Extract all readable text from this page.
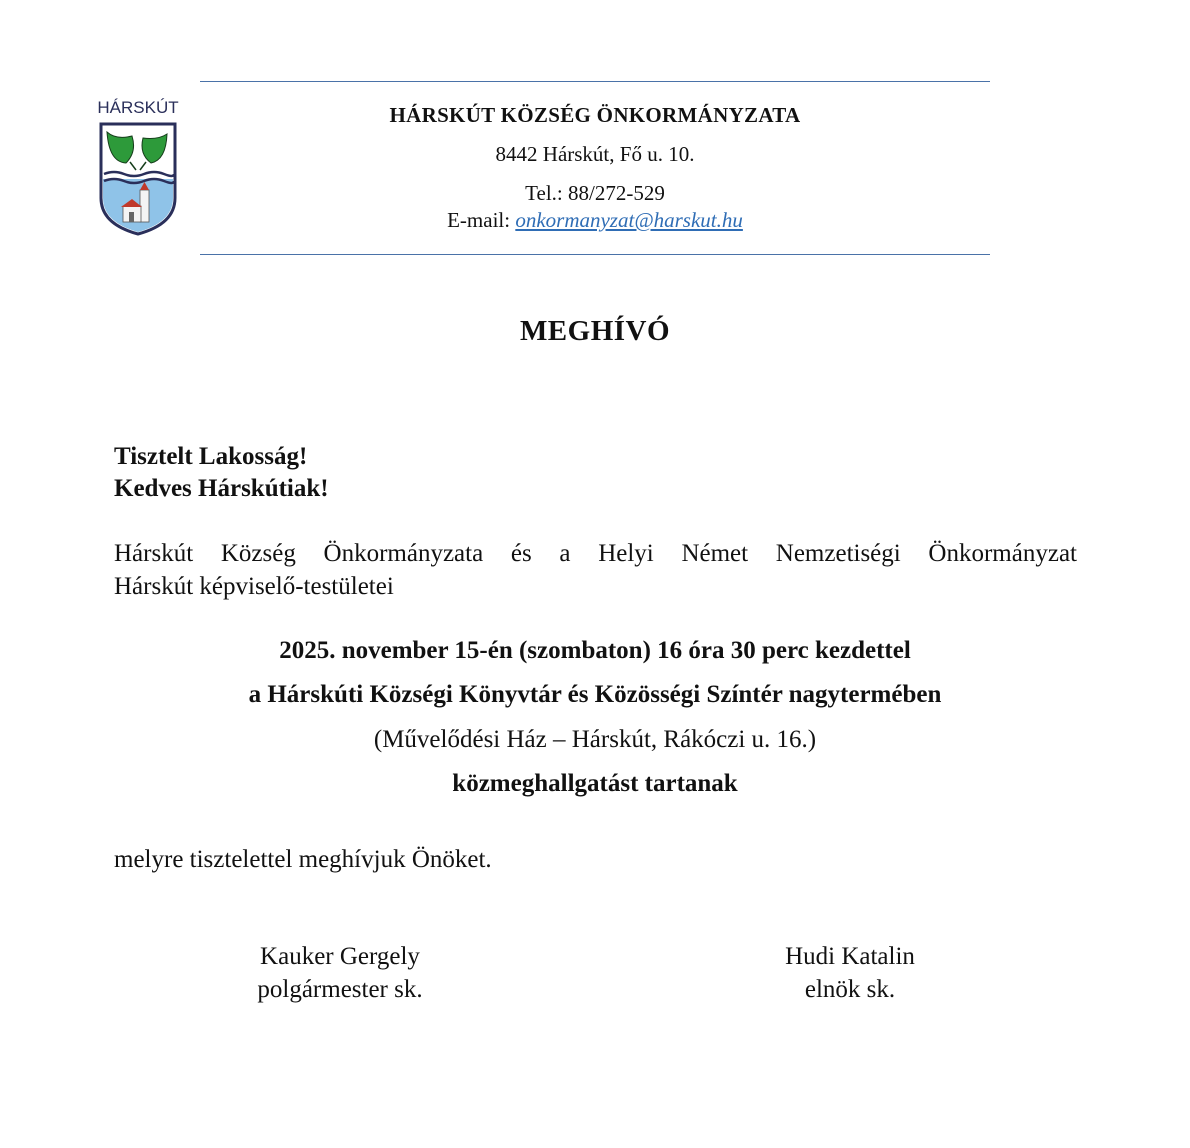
HÁRSKÚT	HÁRSKÚT KÖZSÉG ÖNKORMÁNYZATA
8442 Hárskút, Fő u. 10.
Tel.: 88/272-529
E-mail: onkormanyzat@harskut.hu
MEGHÍVÓ
Tisztelt Lakosság!
Kedves Hárskútiak!
Hárskút Község Önkormányzata és a Helyi Német Nemzetiségi Önkormányzat
Hárskút képviselő-testületei
2025. november 15-én (szombaton) 16 óra 30 perc kezdettel
a Hárskúti Községi Könyvtár és Közösségi Színtér nagytermében
(Művelődési Ház – Hárskút, Rákóczi u. 16.)
közmeghallgatást tartanak
melyre tisztelettel meghívjuk Önöket.
Kauker Gergely
polgármester sk.
Hudi Katalin
elnök sk.
